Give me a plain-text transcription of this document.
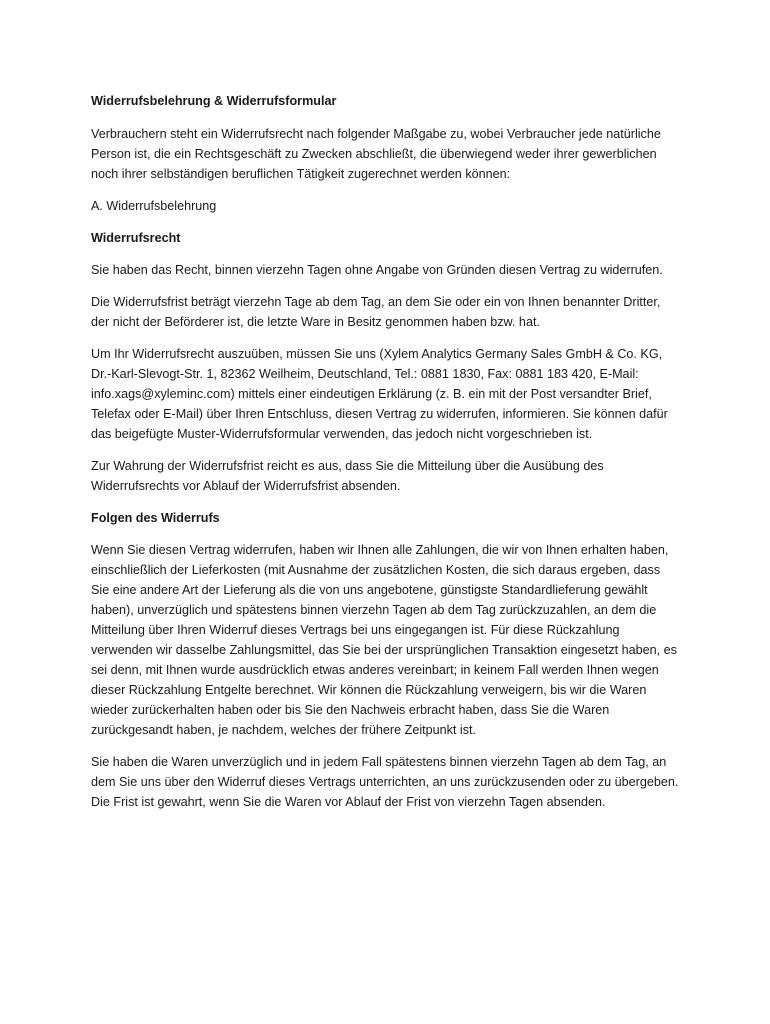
Widerrufsbelehrung & Widerrufsformular

Verbrauchern steht ein Widerrufsrecht nach folgender Maßgabe zu, wobei Verbraucher jede natürliche Person ist, die ein Rechtsgeschäft zu Zwecken abschließt, die überwiegend weder ihrer gewerblichen noch ihrer selbständigen beruflichen Tätigkeit zugerechnet werden können:

A. Widerrufsbelehrung

Widerrufsrecht

Sie haben das Recht, binnen vierzehn Tagen ohne Angabe von Gründen diesen Vertrag zu widerrufen.

Die Widerrufsfrist beträgt vierzehn Tage ab dem Tag, an dem Sie oder ein von Ihnen benannter Dritter, der nicht der Beförderer ist, die letzte Ware in Besitz genommen haben bzw. hat.

Um Ihr Widerrufsrecht auszuüben, müssen Sie uns (Xylem Analytics Germany Sales GmbH & Co. KG, Dr.-Karl-Slevogt-Str. 1, 82362 Weilheim, Deutschland, Tel.: 0881 1830, Fax: 0881 183 420, E-Mail: info.xags@xyleminc.com) mittels einer eindeutigen Erklärung (z. B. ein mit der Post versandter Brief, Telefax oder E-Mail) über Ihren Entschluss, diesen Vertrag zu widerrufen, informieren. Sie können dafür das beigefügte Muster-Widerrufsformular verwenden, das jedoch nicht vorgeschrieben ist.

Zur Wahrung der Widerrufsfrist reicht es aus, dass Sie die Mitteilung über die Ausübung des Widerrufsrechts vor Ablauf der Widerrufsfrist absenden.

Folgen des Widerrufs

Wenn Sie diesen Vertrag widerrufen, haben wir Ihnen alle Zahlungen, die wir von Ihnen erhalten haben, einschließlich der Lieferkosten (mit Ausnahme der zusätzlichen Kosten, die sich daraus ergeben, dass Sie eine andere Art der Lieferung als die von uns angebotene, günstigste Standardlieferung gewählt haben), unverzüglich und spätestens binnen vierzehn Tagen ab dem Tag zurückzuzahlen, an dem die Mitteilung über Ihren Widerruf dieses Vertrags bei uns eingegangen ist. Für diese Rückzahlung verwenden wir dasselbe Zahlungsmittel, das Sie bei der ursprünglichen Transaktion eingesetzt haben, es sei denn, mit Ihnen wurde ausdrücklich etwas anderes vereinbart; in keinem Fall werden Ihnen wegen dieser Rückzahlung Entgelte berechnet. Wir können die Rückzahlung verweigern, bis wir die Waren wieder zurückerhalten haben oder bis Sie den Nachweis erbracht haben, dass Sie die Waren zurückgesandt haben, je nachdem, welches der frühere Zeitpunkt ist.

Sie haben die Waren unverzüglich und in jedem Fall spätestens binnen vierzehn Tagen ab dem Tag, an dem Sie uns über den Widerruf dieses Vertrags unterrichten, an uns zurückzusenden oder zu übergeben. Die Frist ist gewahrt, wenn Sie die Waren vor Ablauf der Frist von vierzehn Tagen absenden.
